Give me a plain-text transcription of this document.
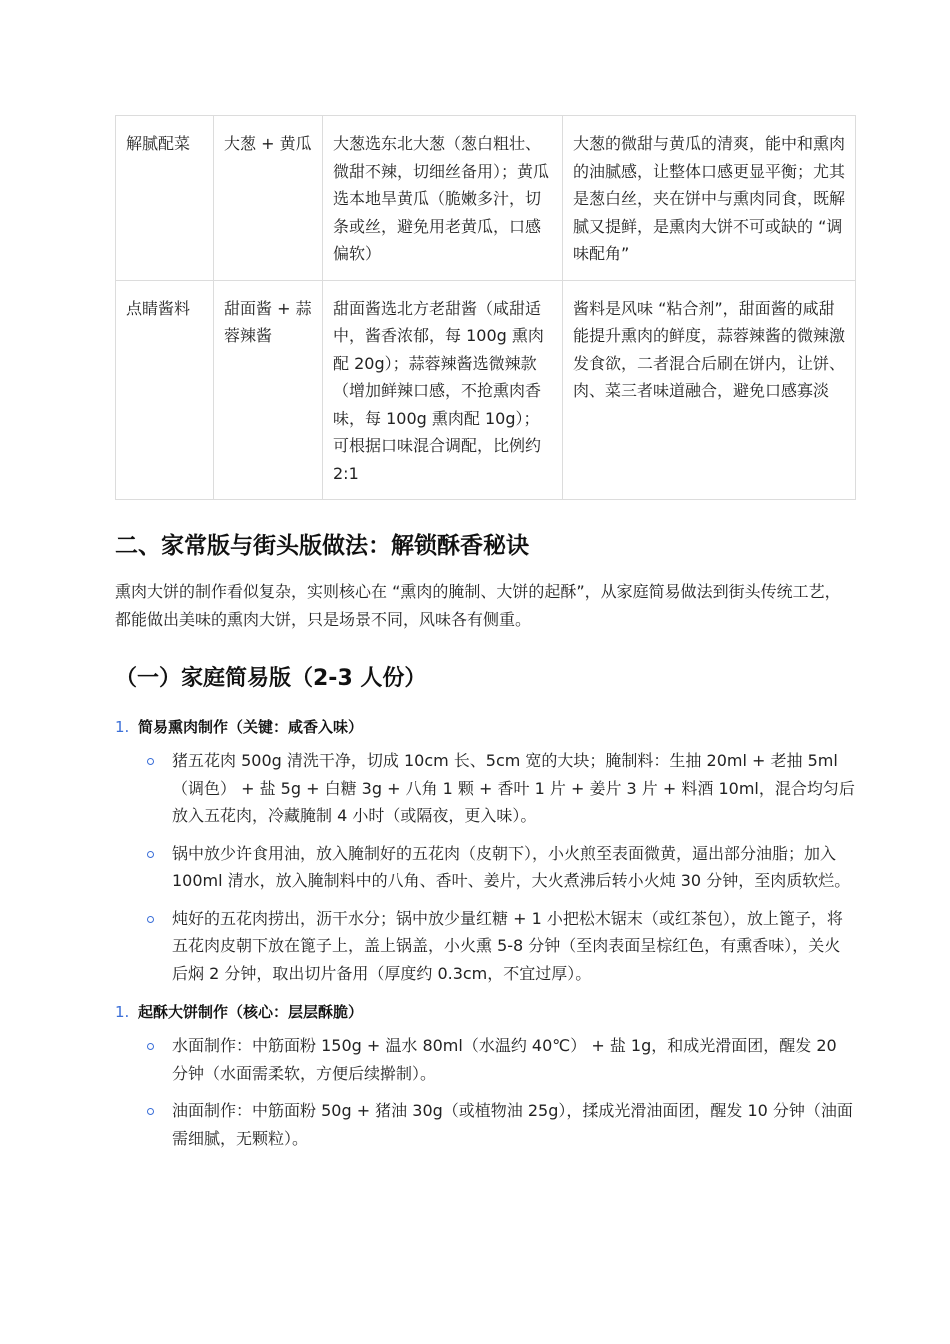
解腻配菜	大葱 + 黄瓜	大葱选东北大葱（葱白粗壮、微甜不辣，切细丝备用）；黄瓜选本地旱黄瓜（脆嫩多汁，切条或丝，避免用老黄瓜，口感偏软）	大葱的微甜与黄瓜的清爽，能中和熏肉的油腻感，让整体口感更显平衡；尤其是葱白丝，夹在饼中与熏肉同食，既解腻又提鲜，是熏肉大饼不可或缺的 “调味配角”
点睛酱料	甜面酱 + 蒜蓉辣酱	甜面酱选北方老甜酱（咸甜适中，酱香浓郁，每 100g 熏肉配 20g）；蒜蓉辣酱选微辣款（增加鲜辣口感，不抢熏肉香味，每 100g 熏肉配 10g）；可根据口味混合调配，比例约 2:1	酱料是风味 “粘合剂”，甜面酱的咸甜能提升熏肉的鲜度，蒜蓉辣酱的微辣激发食欲，二者混合后刷在饼内，让饼、肉、菜三者味道融合，避免口感寡淡
二、家常版与街头版做法：解锁酥香秘诀

熏肉大饼的制作看似复杂，实则核心在 “熏肉的腌制、大饼的起酥”，从家庭简易做法到街头传统工艺，都能做出美味的熏肉大饼，只是场景不同，风味各有侧重。

（一）家庭简易版（2-3 人份）
1. 简易熏肉制作（关键：咸香入味）
猪五花肉 500g 清洗干净，切成 10cm 长、5cm 宽的大块；腌制料：生抽 20ml + 老抽 5ml（调色） + 盐 5g + 白糖 3g + 八角 1 颗 + 香叶 1 片 + 姜片 3 片 + 料酒 10ml，混合均匀后放入五花肉，冷藏腌制 4 小时（或隔夜，更入味）。
锅中放少许食用油，放入腌制好的五花肉（皮朝下），小火煎至表面微黄，逼出部分油脂；加入 100ml 清水，放入腌制料中的八角、香叶、姜片，大火煮沸后转小火炖 30 分钟，至肉质软烂。
炖好的五花肉捞出，沥干水分；锅中放少量红糖 + 1 小把松木锯末（或红茶包），放上篦子，将五花肉皮朝下放在篦子上，盖上锅盖，小火熏 5-8 分钟（至肉表面呈棕红色，有熏香味），关火后焖 2 分钟，取出切片备用（厚度约 0.3cm，不宜过厚）。
1. 起酥大饼制作（核心：层层酥脆）
水面制作：中筋面粉 150g + 温水 80ml（水温约 40℃） + 盐 1g，和成光滑面团，醒发 20 分钟（水面需柔软，方便后续擀制）。
油面制作：中筋面粉 50g + 猪油 30g（或植物油 25g），揉成光滑油面团，醒发 10 分钟（油面需细腻，无颗粒）。
